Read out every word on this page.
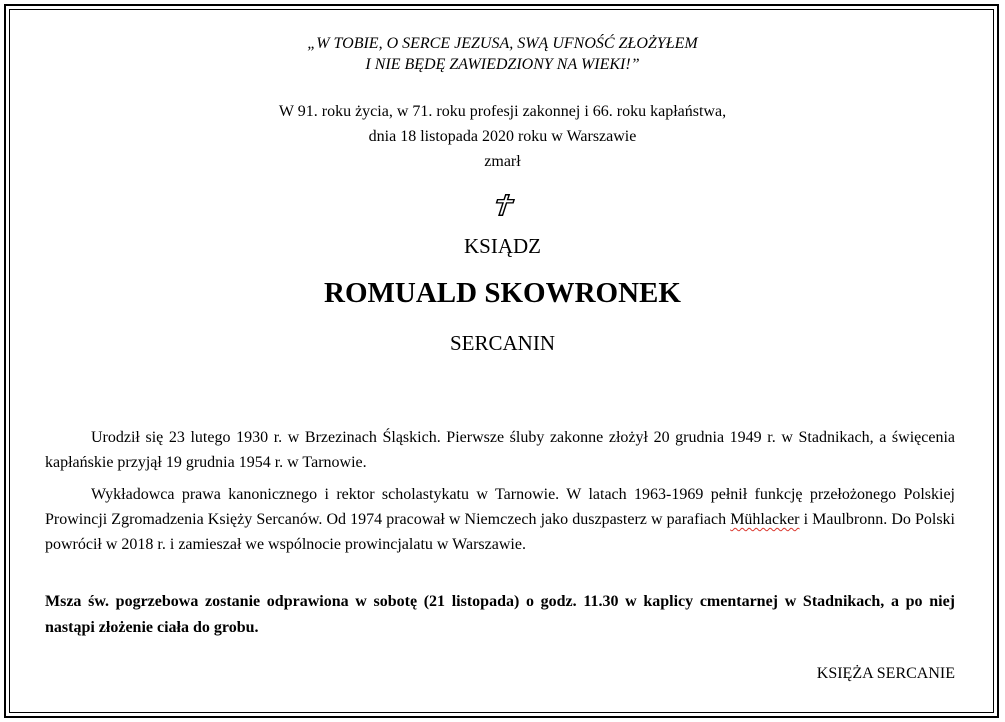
„W TOBIE, O SERCE JEZUSA, SWĄ UFNOŚĆ ZŁOŻYŁEM
I NIE BĘDĘ ZAWIEDZIONY NA WIEKI!”
W 91. roku życia, w 71. roku profesji zakonnej i 66. roku kapłaństwa,
dnia 18 listopada 2020 roku w Warszawie
zmarł
KSIĄDZ
ROMUALD SKOWRONEK
SERCANIN
Urodził się 23 lutego 1930 r. w Brzezinach Śląskich. Pierwsze śluby zakonne złożył 20 grudnia 1949 r. w Stadnikach, a święcenia kapłańskie przyjął 19 grudnia 1954 r. w Tarnowie.
Wykładowca prawa kanonicznego i rektor scholastykatu w Tarnowie. W latach 1963-1969 pełnił funkcję przełożonego Polskiej Prowincji Zgromadzenia Księży Sercanów. Od 1974 pracował w Niemczech jako duszpasterz w parafiach Mühlacker i Maulbronn. Do Polski powrócił w 2018 r. i zamieszał we wspólnocie prowincjalatu w Warszawie.
Msza św. pogrzebowa zostanie odprawiona w sobotę (21 listopada) o godz. 11.30 w kaplicy cmentarnej w Stadnikach, a po niej nastąpi złożenie ciała do grobu.
KSIĘŻA SERCANIE
